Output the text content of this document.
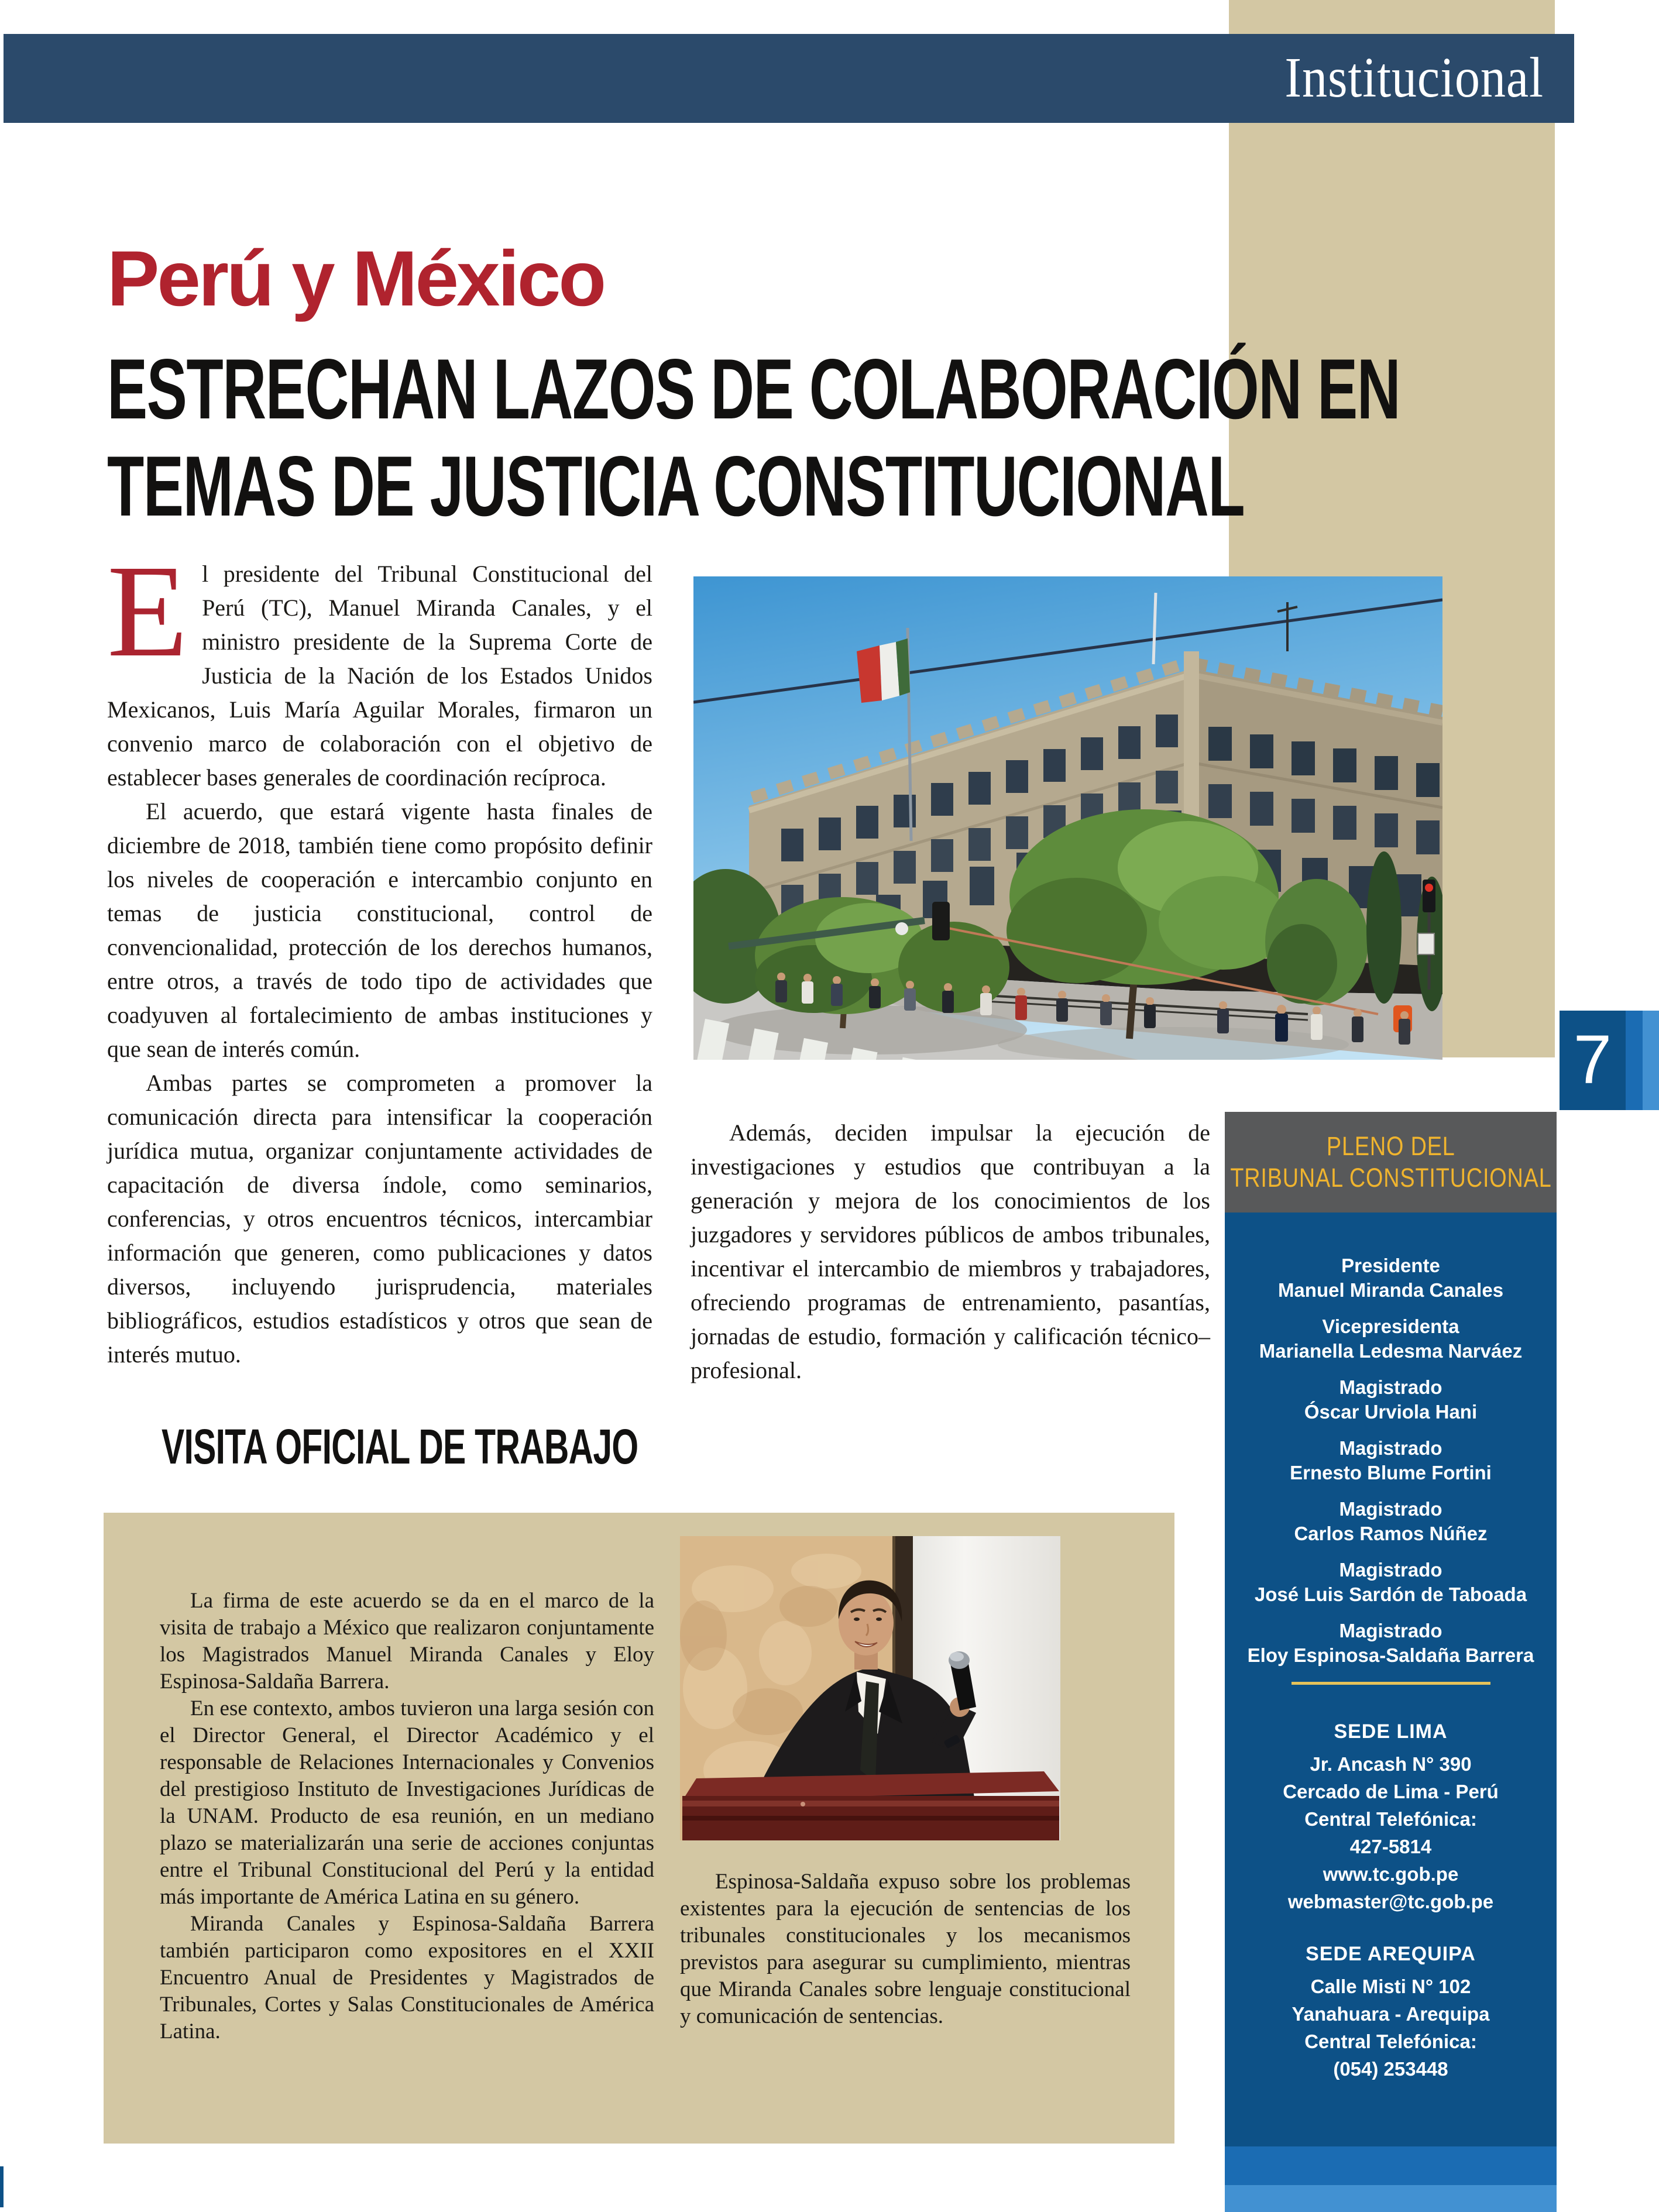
Institucional
Perú y México
ESTRECHAN LAZOS DE COLABORACIÓN EN
TEMAS DE JUSTICIA CONSTITUCIONAL

El presidente del Tribunal Constitucional del Perú (TC), Manuel Miranda Canales, y el ministro presidente de la Suprema Corte de Justicia de la Nación de los Estados Unidos Mexicanos, Luis María Aguilar Morales, firmaron un convenio marco de colaboración con el objetivo de establecer bases generales de coordinación recíproca.

El acuerdo, que estará vigente hasta finales de diciembre de 2018, también tiene como propósito definir los niveles de cooperación e intercambio conjunto en temas de justicia constitucional, control de convencionalidad, protección de los derechos humanos, entre otros, a través de todo tipo de actividades que coadyuven al fortalecimiento de ambas instituciones y que sean de interés común.

Ambas partes se comprometen a promover la comunicación directa para intensificar la cooperación jurídica mutua, organizar conjuntamente actividades de capacitación de diversa índole, como seminarios, conferencias, y otros encuentros técnicos, intercambiar información que generen, como publicaciones y datos diversos, incluyendo jurisprudencia, materiales bibliográficos, estudios estadísticos y otros que sean de interés mutuo.

Además, deciden impulsar la ejecución de investigaciones y estudios que contribuyan a la generación y mejora de los conocimientos de los juzgadores y servidores públicos de ambos tribunales, incentivar el intercambio de miembros y trabajadores, ofreciendo programas de entrenamiento, pasantías, jornadas de estudio, formación y calificación técnico–profesional.

VISITA OFICIAL DE TRABAJO

La firma de este acuerdo se da en el marco de la visita de trabajo a México que realizaron conjuntamente los Magistrados Manuel Miranda Canales y Eloy Espinosa-Saldaña Barrera.

En ese contexto, ambos tuvieron una larga sesión con el Director General, el Director Académico y el responsable de Relaciones Internacionales y Convenios del prestigioso Instituto de Investigaciones Jurídicas de la UNAM. Producto de esa reunión, en un mediano plazo se materializarán una serie de acciones conjuntas entre el Tribunal Constitucional del Perú y la entidad más importante de América Latina en su género.

Miranda Canales y Espinosa-Saldaña Barrera también participaron como expositores en el XXII Encuentro Anual de Presidentes y Magistrados de Tribunales, Cortes y Salas Constitucionales de América Latina.

Espinosa-Saldaña expuso sobre los problemas existentes para la ejecución de sentencias de los tribunales constitucionales y los mecanismos previstos para asegurar su cumplimiento, mientras que Miranda Canales sobre lenguaje constitucional y comunicación de sentencias.

PLENO DEL
TRIBUNAL CONSTITUCIONAL
Presidente
Manuel Miranda Canales
Vicepresidenta
Marianella Ledesma Narváez
Magistrado
Óscar Urviola Hani
Magistrado
Ernesto Blume Fortini
Magistrado
Carlos Ramos Núñez
Magistrado
José Luis Sardón de Taboada
Magistrado
Eloy Espinosa-Saldaña Barrera
SEDE LIMA
Jr. Ancash N° 390
Cercado de Lima - Perú
Central Telefónica:
427-5814
www.tc.gob.pe
webmaster@tc.gob.pe
SEDE AREQUIPA
Calle Misti N° 102
Yanahuara - Arequipa
Central Telefónica:
(054) 253448
7
